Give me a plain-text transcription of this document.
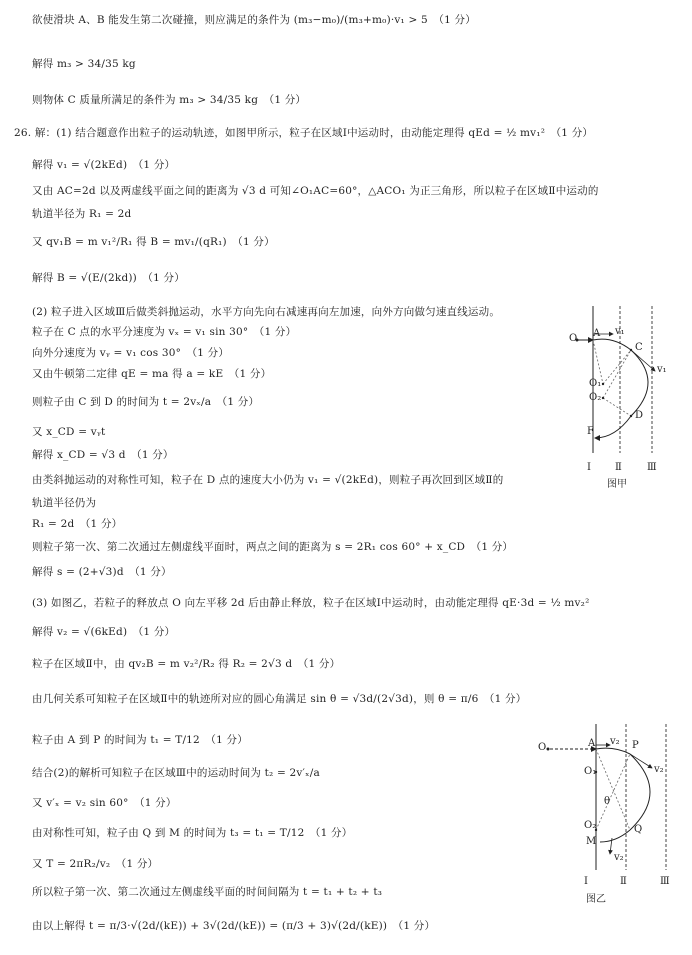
欲使滑块 A、B 能发生第二次碰撞，则应满足的条件为 (m₃−m₀)/(m₃+m₀)·v₁ > 5　（1 分）
解得 m₃ > 34/35 kg
则物体 C 质量所满足的条件为 m₃ > 34/35 kg　（1 分）
26. 解：(1) 结合题意作出粒子的运动轨迹，如图甲所示，粒子在区域Ⅰ中运动时，由动能定理得 qEd = ½ mv₁²　（1 分）
解得 v₁ = √(2kEd)　（1 分）
又由 AC=2d 以及两虚线平面之间的距离为 √3 d 可知∠O₁AC=60°，△ACO₁ 为正三角形，所以粒子在区域Ⅱ中运动的
轨道半径为 R₁ = 2d
又 qv₁B = m v₁²/R₁ 得 B = mv₁/(qR₁)　（1 分）
解得 B = √(E/(2kd))　（1 分）
(2) 粒子进入区域Ⅲ后做类斜抛运动，水平方向先向右减速再向左加速，向外方向做匀速直线运动。
粒子在 C 点的水平分速度为 vₓ = v₁ sin 30°　（1 分）
向外分速度为 vᵧ = v₁ cos 30°　（1 分）
又由牛顿第二定律 qE = ma 得 a = kE　（1 分）
则粒子由 C 到 D 的时间为 t = 2vₓ/a　（1 分）
又 x_CD = vᵧt
解得 x_CD = √3 d　（1 分）
由类斜抛运动的对称性可知，粒子在 D 点的速度大小仍为 v₁ = √(2kEd)，则粒子再次回到区域Ⅱ的
轨道半径仍为
R₁ = 2d　（1 分）
则粒子第一次、第二次通过左侧虚线平面时，两点之间的距离为 s = 2R₁ cos 60° + x_CD　（1 分）
解得 s = (2+√3)d　（1 分）
(3) 如图乙，若粒子的释放点 O 向左平移 2d 后由静止释放，粒子在区域Ⅰ中运动时，由动能定理得 qE·3d = ½ mv₂²
解得 v₂ = √(6kEd)　（1 分）
粒子在区域Ⅱ中，由 qv₂B = m v₂²/R₂ 得 R₂ = 2√3 d　（1 分）
由几何关系可知粒子在区域Ⅱ中的轨迹所对应的圆心角满足 sin θ = √3d/(2√3d)，则 θ = π/6　（1 分）
粒子由 A 到 P 的时间为 t₁ = T/12　（1 分）
结合(2)的解析可知粒子在区域Ⅲ中的运动时间为 t₂ = 2v′ₓ/a
又 v′ₓ = v₂ sin 60°　（1 分）
由对称性可知，粒子由 Q 到 M 的时间为 t₃ = t₁ = T/12　（1 分）
又 T = 2πR₂/v₂　（1 分）
所以粒子第一次、第二次通过左侧虚线平面的时间间隔为 t = t₁ + t₂ + t₃
由以上解得 t = π/3·√(2d/(kE)) + 3√(2d/(kE)) = (π/3 + 3)√(2d/(kE))　（1 分）
O A v₁
C
v₁
O₁
O₂
D
F
Ⅰ Ⅱ	Ⅲ
图甲
O	A v₂ P
v₂
O₁
θ
O₂	Q
M
v₂
Ⅰ	Ⅱ	Ⅲ
图乙
